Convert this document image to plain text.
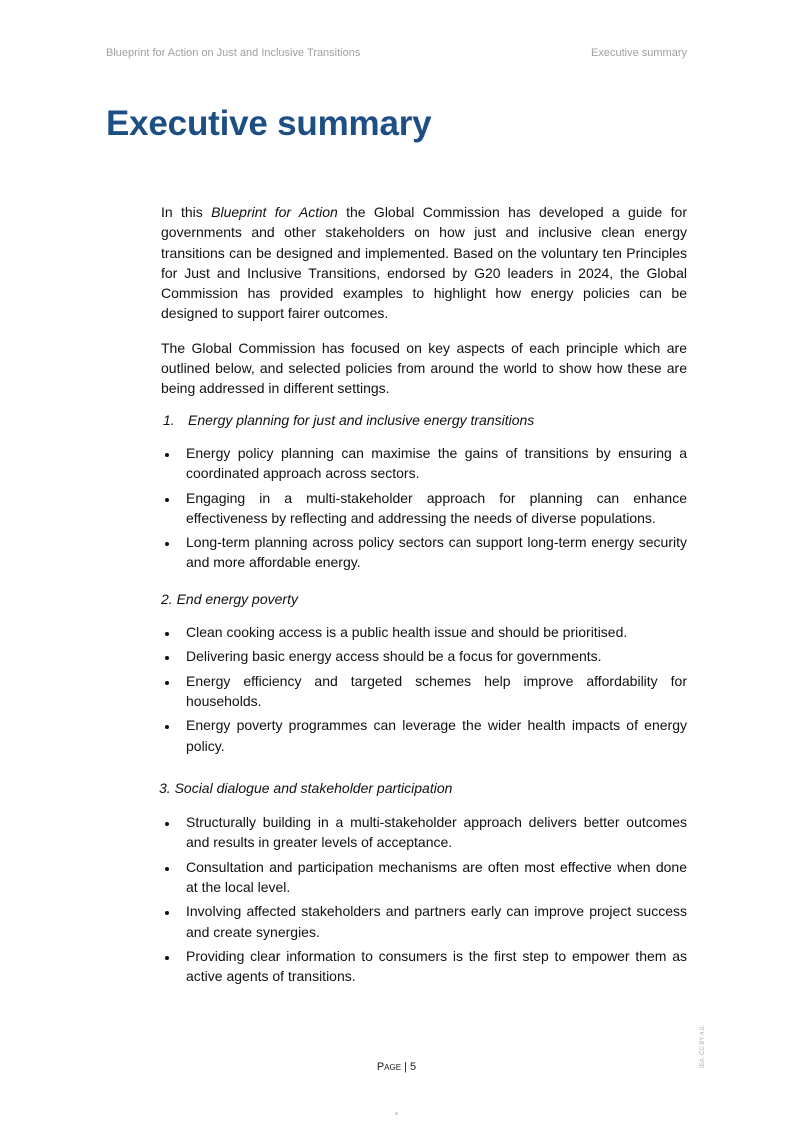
Blueprint for Action on Just and Inclusive Transitions	Executive summary
Executive summary

In this Blueprint for Action the Global Commission has developed a guide for governments and other stakeholders on how just and inclusive clean energy transitions can be designed and implemented. Based on the voluntary ten Principles for Just and Inclusive Transitions, endorsed by G20 leaders in 2024, the Global Commission has provided examples to highlight how energy policies can be designed to support fairer outcomes.

The Global Commission has focused on key aspects of each principle which are outlined below, and selected policies from around the world to show how these are being addressed in different settings.

1. Energy planning for just and inclusive energy transitions

Energy policy planning can maximise the gains of transitions by ensuring a coordinated approach across sectors.
Engaging in a multi-stakeholder approach for planning can enhance effectiveness by reflecting and addressing the needs of diverse populations.
Long-term planning across policy sectors can support long-term energy security and more affordable energy.

2. End energy poverty

Clean cooking access is a public health issue and should be prioritised.
Delivering basic energy access should be a focus for governments.
Energy efficiency and targeted schemes help improve affordability for households.
Energy poverty programmes can leverage the wider health impacts of energy policy.

3. Social dialogue and stakeholder participation

Structurally building in a multi-stakeholder approach delivers better outcomes and results in greater levels of acceptance.
Consultation and participation mechanisms are often most effective when done at the local level.
Involving affected stakeholders and partners early can improve project success and create synergies.
Providing clear information to consumers is the first step to empower them as active agents of transitions.
Page | 5	IEA. CC BY 4.0.
